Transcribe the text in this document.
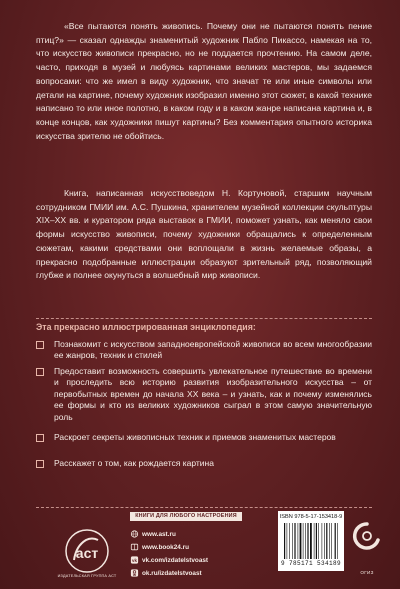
«Все пытаются понять живопись. Почему они не пытаются понять пение птиц?» — сказал однажды знаменитый художник Пабло Пикассо, намекая на то, что искусство живописи прекрасно, но не поддается прочтению. На самом деле, часто, приходя в музей и любуясь картинами великих мастеров, мы задаемся вопросами: что же имел в виду художник, что значат те или иные символы или детали на картине, почему художник изобразил именно этот сюжет, в какой технике написано то или иное полотно, в каком году и в каком жанре написана картина и, в конце концов, как художники пишут картины? Без комментария опытного историка искусства зрителю не обойтись.

Книга, написанная искусствоведом Н. Кортуновой, старшим научным сотрудником ГМИИ им. А.С. Пушкина, хранителем музейной коллекции скульптуры XIX–XX вв. и куратором ряда выставок в ГМИИ, поможет узнать, как меняло свои формы искусство живописи, почему художники обращались к определенным сюжетам, какими средствами они воплощали в жизнь желаемые образы, а прекрасно подобранные иллюстрации образуют зрительный ряд, позволяющий глубже и полнее окунуться в волшебный мир живописи.

Эта прекрасно иллюстрированная энциклопедия:
Познакомит с искусством западноевропейской живописи во всем многообразии ее жанров, техник и стилей
Предоставит возможность совершить увлекательное путешествие во времени и проследить всю историю развития изобразительного искусства – от первобытных времен до начала XX века – и узнать, как и почему изменялись ее формы и кто из великих художников сыграл в этом самую значительную роль
Раскроет секреты живописных техник и приемов знаменитых мастеров
Расскажет о том, как рождается картина
КНИГИ ДЛЯ ЛЮБОГО НАСТРОЕНИЯ ЗДЕСЬ
аст
ИЗДАТЕЛЬСКАЯ ГРУППА АСТ
www.ast.ru
www.book24.ru
vk vk.com/izdatelstvoast
ok.ru/izdatelstvoast
ISBN 978-5-17-153418-9
9 785171 534189
ОГИЗ
